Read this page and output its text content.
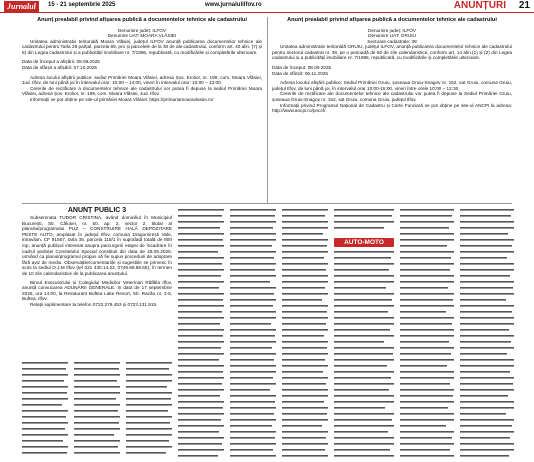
Jurnalul	15 - 21 septembrie 2025	www.jurnalulilfov.ro	ANUNȚURI 21

Anunț prealabil privind afișarea publică a documentelor tehnice ale cadastrului

Denumire județ: ILFOV

Denumire UAT: MOARA VLĂSIEI

Unitatea administrativ teritorială Moara Vlăsiei, județul ILFOV anunță publicarea documentelor tehnice ale cadastrului pentru Tarla 29 parțial, parcela 89, pro și parcelele de la 30 de ale cadastrului, conform art. 40 alin. (7) și 8) din Legea cadastrului și a publicității imobiliare nr. 7/1996, republicată, cu modificările și completările ulterioare.

Data de început a afișării: 08.09.2025

Data de sfârșit a afișării: 07.10.2025

Adresa locului afișării publice: sediul Primăriei Moara Vlăsiei, adresa Șos. Erolior, nr. 199, com. Moara Vlăsiei, Jud. Ilfov, de luni până joi în intervalul orar: 10:00 – 14:00, vineri în intervalul orar: 10:00 – 13:00.

Cererile de rectificare a documentelor tehnice ale cadastrului vor putea fi depuse la sediul Primăriei Moara Vlăsiei, adresa Șos. Erolior, nr. 199, com. Moara Vlăsiei, Jud. Ilfov.

Informații se pot obține pe site-ul primăriei Moara Vlăsiei: https://primariamoaravlasiei.ro/

Anunț prealabil privind afișarea publică a documentelor tehnice ale cadastrului

Denumire județ: ILFOV

Denumire UAT: GRUIU

Sectoare cadastrale: 38

Unitatea administrativ teritorială GRUIU, județul ILFOV, anunță publicarea documentelor tehnice ale cadastrului pentru sectorul cadastral nr. 38, pe o perioadă de 60 de zile calendaristice, conform art. 14 alin.(1) și (2) din Legea cadastrului și a publicității imobiliare nr. 7/1996, republicată, cu modificările și completările ulterioare.

Data de început: 08.09.2025

Data de sfârșit: 06.11.2025

Adresa locului afișării publice: Sediul Primăriei Gruiu, șoseaua Gruiu-Snagov nr. 152, sat Gruiu, comuna Gruiu, județul Ilfov, de luni până joi, în intervalul orar 10:00-15:00, vineri între orele 10:00 – 12:30.

Cererile de rectificare ale documentelor tehnice ale cadastrului vor putea fi depuse la Sediul Primăriei Gruiu, șoseaua Gruiu-Snagov nr. 152, sat Gruiu, comuna Gruiu, județul Ilfov.

Informații privind Programul Național de Cadastru și Carte Funciară se pot obține pe site-ul ANCPI la adresa: http://www.ancpi.ro/pnccf/.

ANUNȚ PUBLIC 3

Subsemnata TUDOR CRISTINA, având domiciliul în Municipiul București, Str. Câlușei, nr. 50, ap. 2, sector 2, titular al planului/programului PUZ – CONSTRUIRE HALĂ DEPOZITARE PESTE AUTO, amplasat în județul Ilfov, comuna Dragomirești Vale, intravilan, CF 91567, tarla 35, parcela 118/1 în suprafață totală de 800 mp, anunță publicul interesat asupra parcurgerii etapei de încadrare în cadrul ședinței Comitetului Special constituit din data de 28.05.2025, urmând ca planul/programul propus să fie supus procedurii de adoptare fără aviz de mediu. Observațiile/comentariile și sugestiile se primesc în scris la sediul O.J.M Ilfov (tel 021 430.14.02, 0749.99.88.65), în termen de 10 zile calendaristice de la publicarea anunțului.

Biroul Executorului și Colegiului Medicilor Veterinari Răfăila Ilfov, anunță convocarea ADUNĂRII GENERALE. In data de 17 septembrie 2025, ora 14:00, la Restaurant Buftea Lake Resort, Str. Racău nr. 3-5, Buftea, Ilfov.

Relații suplimentare la telefon 0722.279.453 și 0723.131.915.

AUTO-MOTO
